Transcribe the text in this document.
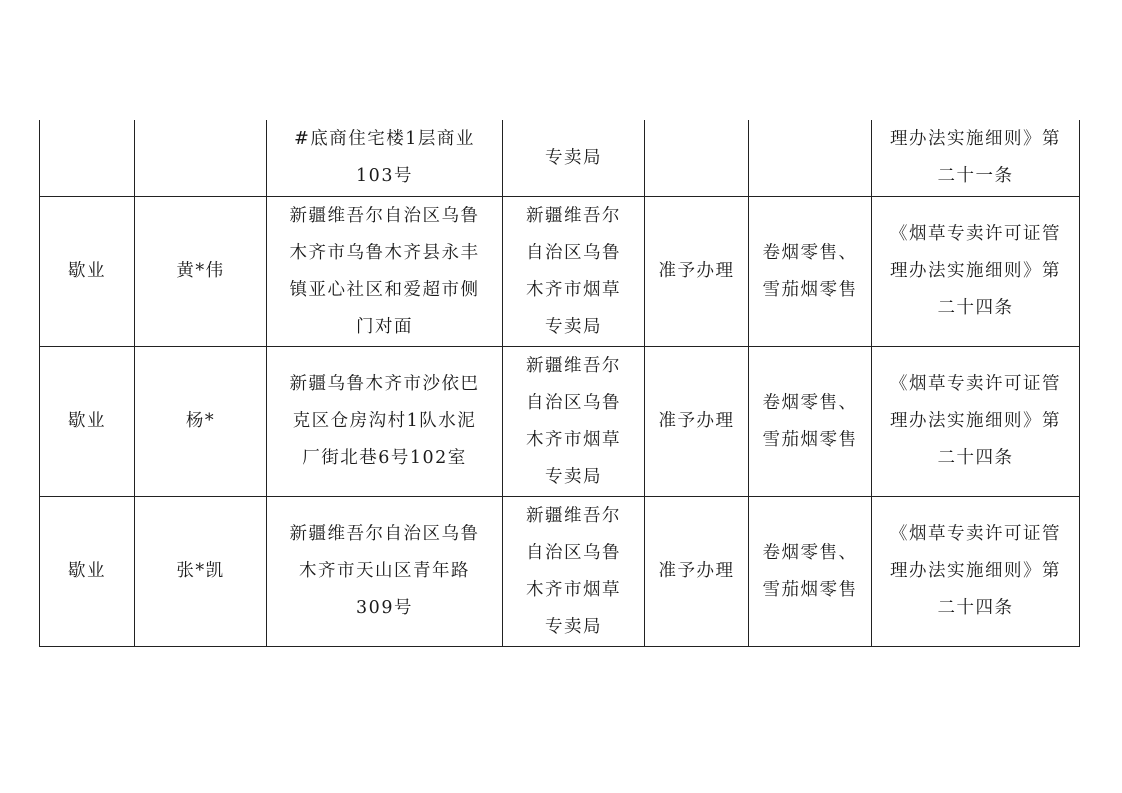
		#底商住宅楼1层商业
103号	专卖局			理办法实施细则》第
二十一条

歇业	黄*伟	新疆维吾尔自治区乌鲁
木齐市乌鲁木齐县永丰
镇亚心社区和爱超市侧
门对面	新疆维吾尔
自治区乌鲁
木齐市烟草
专卖局	准予办理	卷烟零售、
雪茄烟零售	《烟草专卖许可证管
理办法实施细则》第
二十四条

歇业	杨*	新疆乌鲁木齐市沙依巴
克区仓房沟村1队水泥
厂街北巷6号102室	新疆维吾尔
自治区乌鲁
木齐市烟草
专卖局	准予办理	卷烟零售、
雪茄烟零售	《烟草专卖许可证管
理办法实施细则》第
二十四条

歇业	张*凯	新疆维吾尔自治区乌鲁
木齐市天山区青年路
309号	新疆维吾尔
自治区乌鲁
木齐市烟草
专卖局	准予办理	卷烟零售、
雪茄烟零售	《烟草专卖许可证管
理办法实施细则》第
二十四条
